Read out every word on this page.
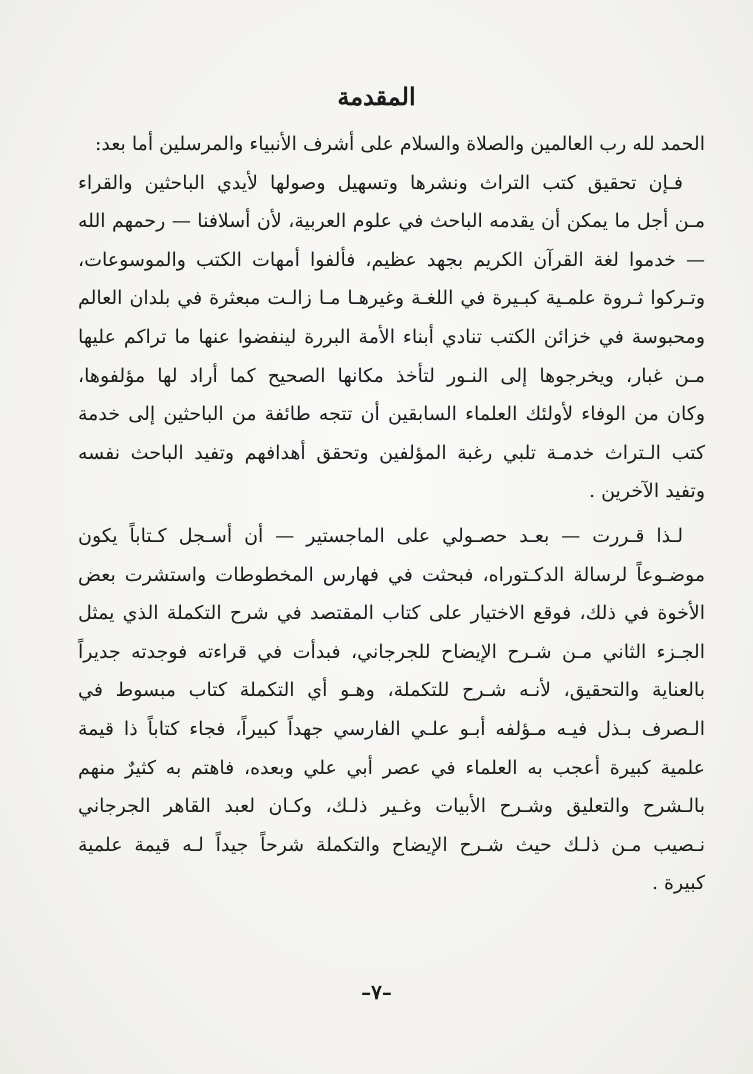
المقدمة
الحمد لله رب العالمين والصلاة والسلام على أشرف الأنبياء والمرسلين أما بعد:
فـإن تحقيق كتب التراث ونشرها وتسهيل وصولها لأيدي الباحثين والقراء
مـن أجل ما يمكن أن يقدمه الباحث في علوم العربية، لأن أسلافنا — رحمهم الله
— خدموا لغة القرآن الكريم بجهد عظيم، فألفوا أمهات الكتب والموسوعات،
وتـركوا ثـروة علمـية كبـيرة في اللغـة وغيرهـا مـا زالـت مبعثرة في بلدان العالم
ومحبوسة في خزائن الكتب تنادي أبناء الأمة البررة لينفضوا عنها ما تراكم عليها
مـن غبار، ويخرجوها إلى النـور لتأخذ مكانها الصحيح كما أراد لها مؤلفوها،
وكان من الوفاء لأولئك العلماء السابقين أن تتجه طائفة من الباحثين إلى خدمة
كتب الـتراث خدمـة تلبي رغبة المؤلفين وتحقق أهدافهم وتفيد الباحث نفسه
وتفيد الآخرين .
لـذا قـررت — بعـد حصـولي على الماجستير — أن أسـجل كـتاباً يكون
موضـوعاً لرسالة الدكـتوراه، فبحثت في فهارس المخطوطات واستشرت بعض
الأخوة في ذلك، فوقع الاختيار على كتاب المقتصد في شرح التكملة الذي يمثل
الجـزء الثاني مـن شـرح الإيضاح للجرجاني، فبدأت في قراءته فوجدته جديراً
بالعناية والتحقيق، لأنـه شـرح للتكملة، وهـو أي التكملة كتاب مبسوط في
الـصرف بـذل فيـه مـؤلفه أبـو علـي الفارسي جهداً كبيراً، فجاء كتاباً ذا قيمة
علمية كبيرة أعجب به العلماء في عصر أبي علي وبعده، فاهتم به كثيرٌ منهم
بالـشرح والتعليق وشـرح الأبيات وغـير ذلـك، وكـان لعبد القاهر الجرجاني
نـصيب مـن ذلـك حيث شـرح الإيضاح والتكملة شرحاً جيداً لـه قيمة علمية
كبيرة .
–٧–
